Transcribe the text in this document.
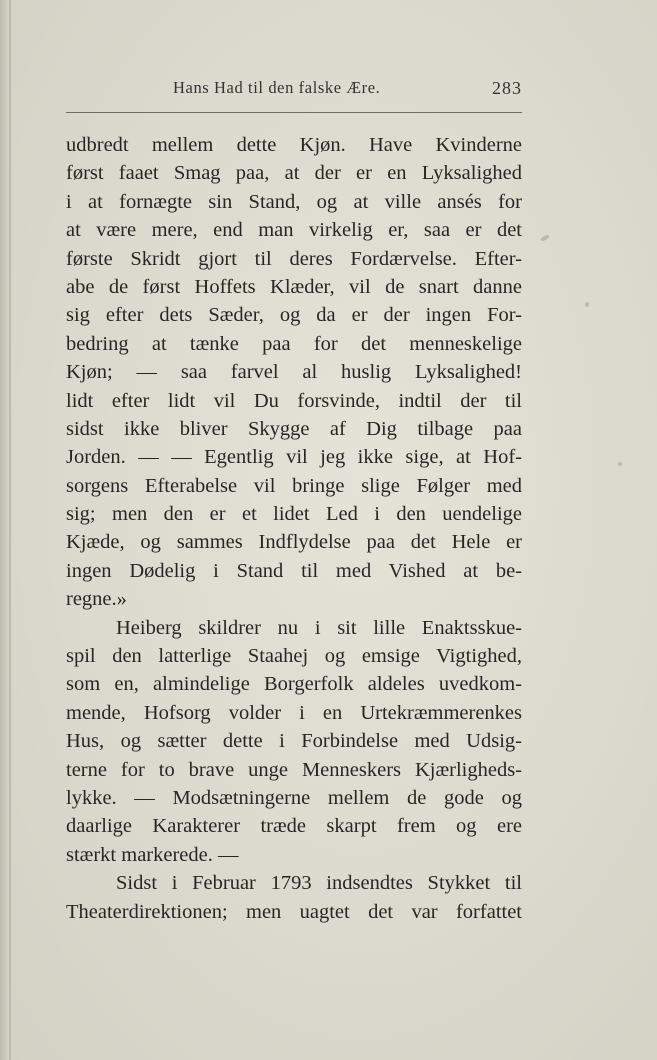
Hans Had til den falske Ære.	283
udbredt mellem dette Kjøn. Have Kvinderne
først faaet Smag paa, at der er en Lyksalighed
i at fornægte sin Stand, og at ville ansés for
at være mere, end man virkelig er, saa er det
første Skridt gjort til deres Fordærvelse. Efter-
abe de først Hoffets Klæder, vil de snart danne
sig efter dets Sæder, og da er der ingen For-
bedring at tænke paa for det menneskelige
Kjøn; — saa farvel al huslig Lyksalighed!
lidt efter lidt vil Du forsvinde, indtil der til
sidst ikke bliver Skygge af Dig tilbage paa
Jorden. — — Egentlig vil jeg ikke sige, at Hof-
sorgens Efterabelse vil bringe slige Følger med
sig; men den er et lidet Led i den uendelige
Kjæde, og sammes Indflydelse paa det Hele er
ingen Dødelig i Stand til med Vished at be-
regne.»
Heiberg skildrer nu i sit lille Enaktsskue-
spil den latterlige Staahej og emsige Vigtighed,
som en, almindelige Borgerfolk aldeles uvedkom-
mende, Hofsorg volder i en Urtekræmmerenkes
Hus, og sætter dette i Forbindelse med Udsig-
terne for to brave unge Menneskers Kjærligheds-
lykke. — Modsætningerne mellem de gode og
daarlige Karakterer træde skarpt frem og ere
stærkt markerede. —
Sidst i Februar 1793 indsendtes Stykket til
Theaterdirektionen; men uagtet det var forfattet
